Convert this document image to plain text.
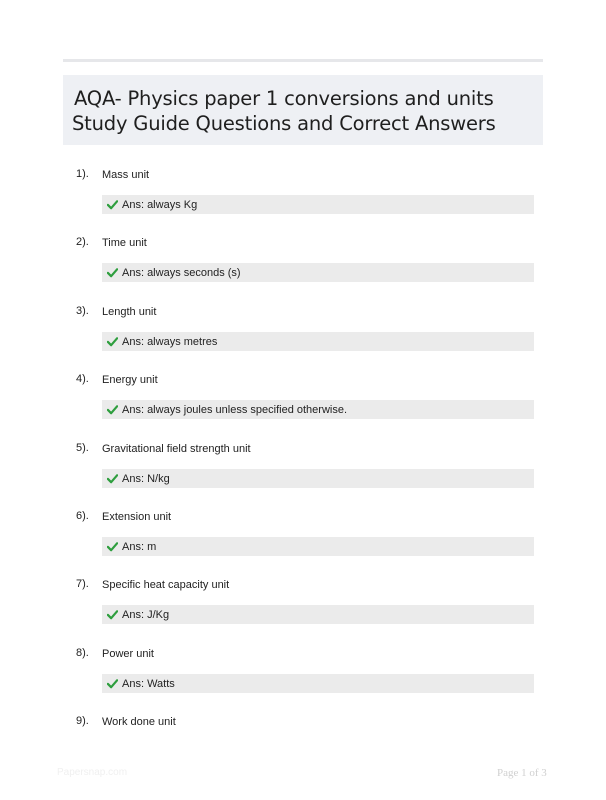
AQA- Physics paper 1 conversions and units
Study Guide Questions and Correct Answers
1). Mass unit
Ans: always Kg
2). Time unit
Ans: always seconds (s)
3). Length unit
Ans: always metres
4). Energy unit
Ans: always joules unless specified otherwise.
5). Gravitational field strength unit
Ans: N/kg
6). Extension unit
Ans: m
7). Specific heat capacity unit
Ans: J/Kg
8). Power unit
Ans: Watts
9). Work done unit
Papersnap.com	Page 1 of 3
